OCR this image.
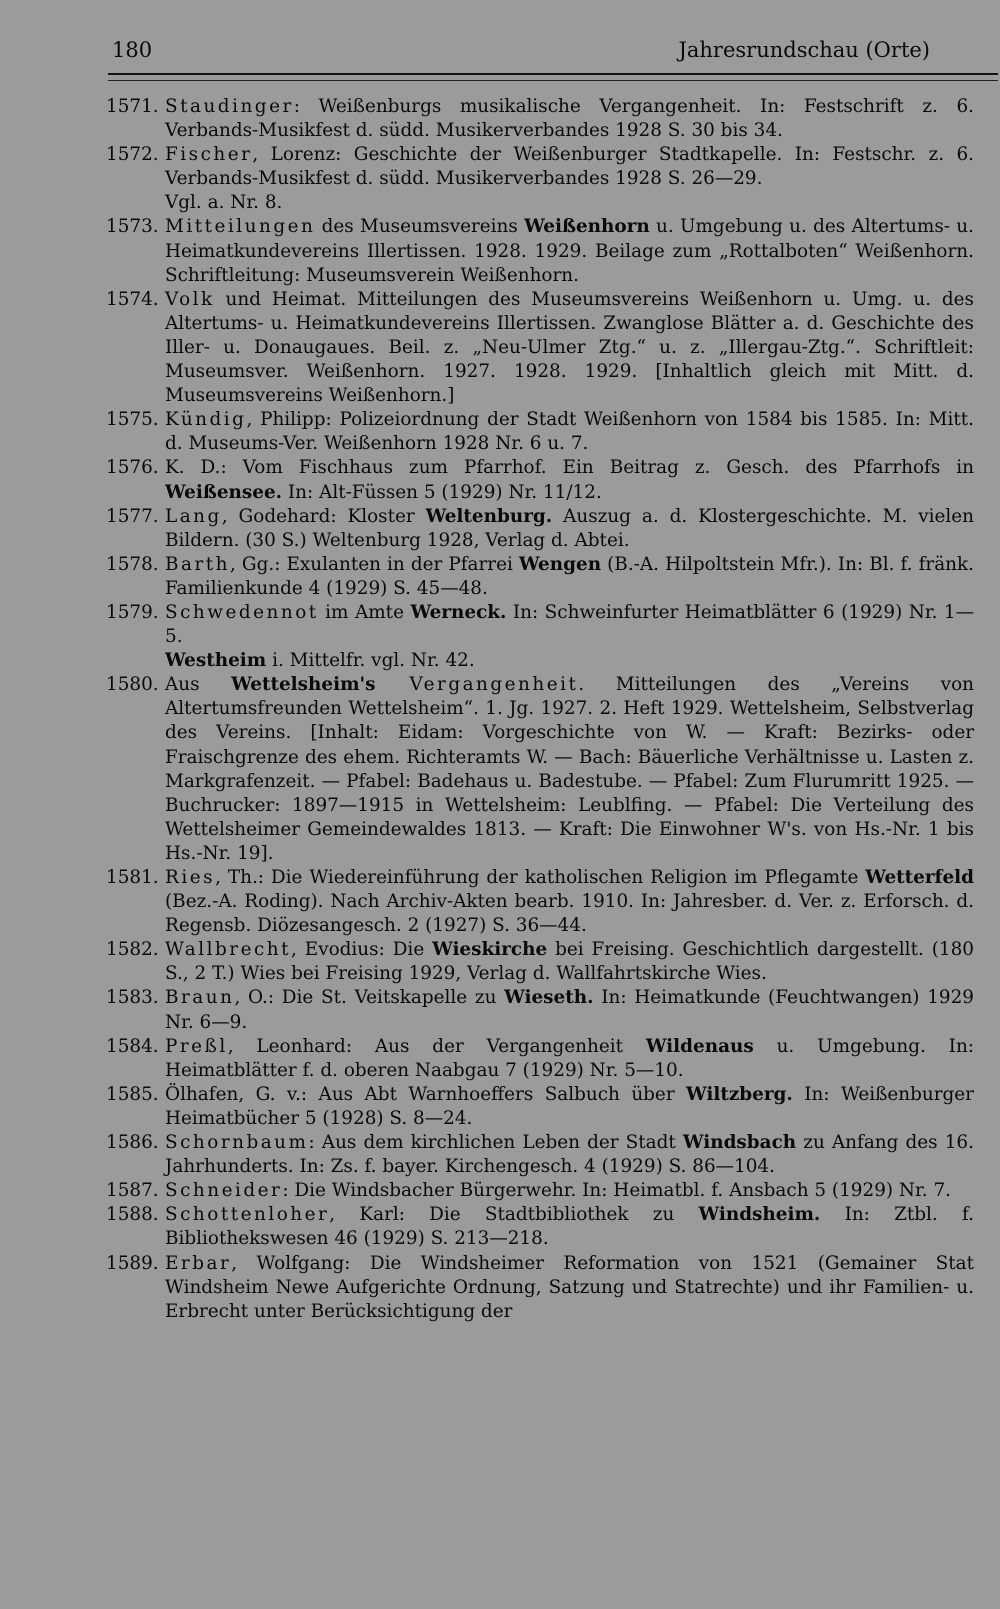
180	Jahresrundschau (Orte)
1571. Staudinger: Weißenburgs musikalische Vergangenheit. In: Festschrift z. 6. Verbands-Musikfest d. südd. Musikerverbandes 1928 S. 30 bis 34.
1572. Fischer, Lorenz: Geschichte der Weißenburger Stadtkapelle. In: Festschr. z. 6. Verbands-Musikfest d. südd. Musikerverbandes 1928 S. 26—29.
Vgl. a. Nr. 8.
1573. Mitteilungen des Museumsvereins Weißenhorn u. Umgebung u. des Altertums- u. Heimatkundevereins Illertissen. 1928. 1929. Beilage zum „Rottalboten“ Weißenhorn. Schriftleitung: Museumsverein Weißenhorn.
1574. Volk und Heimat. Mitteilungen des Museumsvereins Weißenhorn u. Umg. u. des Altertums- u. Heimatkundevereins Illertissen. Zwanglose Blätter a. d. Geschichte des Iller- u. Donaugaues. Beil. z. „Neu-Ulmer Ztg.“ u. z. „Illergau-Ztg.“. Schriftleit: Museumsver. Weißenhorn. 1927. 1928. 1929. [Inhaltlich gleich mit Mitt. d. Museumsvereins Weißenhorn.]
1575. Kündig, Philipp: Polizeiordnung der Stadt Weißenhorn von 1584 bis 1585. In: Mitt. d. Museums-Ver. Weißenhorn 1928 Nr. 6 u. 7.
1576. K. D.: Vom Fischhaus zum Pfarrhof. Ein Beitrag z. Gesch. des Pfarrhofs in Weißensee. In: Alt-Füssen 5 (1929) Nr. 11/12.
1577. Lang, Godehard: Kloster Weltenburg. Auszug a. d. Klostergeschichte. M. vielen Bildern. (30 S.) Weltenburg 1928, Verlag d. Abtei.
1578. Barth, Gg.: Exulanten in der Pfarrei Wengen (B.-A. Hilpoltstein Mfr.). In: Bl. f. fränk. Familienkunde 4 (1929) S. 45—48.
1579. Schwedennot im Amte Werneck. In: Schweinfurter Heimatblätter 6 (1929) Nr. 1—5.
Westheim i. Mittelfr. vgl. Nr. 42.
1580. Aus Wettelsheim's Vergangenheit. Mitteilungen des „Vereins von Altertumsfreunden Wettelsheim“. 1. Jg. 1927. 2. Heft 1929. Wettelsheim, Selbstverlag des Vereins. [Inhalt: Eidam: Vorgeschichte von W. — Kraft: Bezirks- oder Fraischgrenze des ehem. Richteramts W. — Bach: Bäuerliche Verhältnisse u. Lasten z. Markgrafenzeit. — Pfabel: Badehaus u. Badestube. — Pfabel: Zum Flurumritt 1925. — Buchrucker: 1897—1915 in Wettelsheim: Leublfing. — Pfabel: Die Verteilung des Wettelsheimer Gemeindewaldes 1813. — Kraft: Die Einwohner W's. von Hs.-Nr. 1 bis Hs.-Nr. 19].
1581. Ries, Th.: Die Wiedereinführung der katholischen Religion im Pflegamte Wetterfeld (Bez.-A. Roding). Nach Archiv-Akten bearb. 1910. In: Jahresber. d. Ver. z. Erforsch. d. Regensb. Diözesangesch. 2 (1927) S. 36—44.
1582. Wallbrecht, Evodius: Die Wieskirche bei Freising. Geschichtlich dargestellt. (180 S., 2 T.) Wies bei Freising 1929, Verlag d. Wallfahrtskirche Wies.
1583. Braun, O.: Die St. Veitskapelle zu Wieseth. In: Heimatkunde (Feuchtwangen) 1929 Nr. 6—9.
1584. Preßl, Leonhard: Aus der Vergangenheit Wildenaus u. Umgebung. In: Heimatblätter f. d. oberen Naabgau 7 (1929) Nr. 5—10.
1585. Ölhafen, G. v.: Aus Abt Warnhoeffers Salbuch über Wiltzberg. In: Weißenburger Heimatbücher 5 (1928) S. 8—24.
1586. Schornbaum: Aus dem kirchlichen Leben der Stadt Windsbach zu Anfang des 16. Jahrhunderts. In: Zs. f. bayer. Kirchengesch. 4 (1929) S. 86—104.
1587. Schneider: Die Windsbacher Bürgerwehr. In: Heimatbl. f. Ansbach 5 (1929) Nr. 7.
1588. Schottenloher, Karl: Die Stadtbibliothek zu Windsheim. In: Ztbl. f. Bibliothekswesen 46 (1929) S. 213—218.
1589. Erbar, Wolfgang: Die Windsheimer Reformation von 1521 (Gemainer Stat Windsheim Newe Aufgerichte Ordnung, Satzung und Statrechte) und ihr Familien- u. Erbrecht unter Berücksichtigung der
